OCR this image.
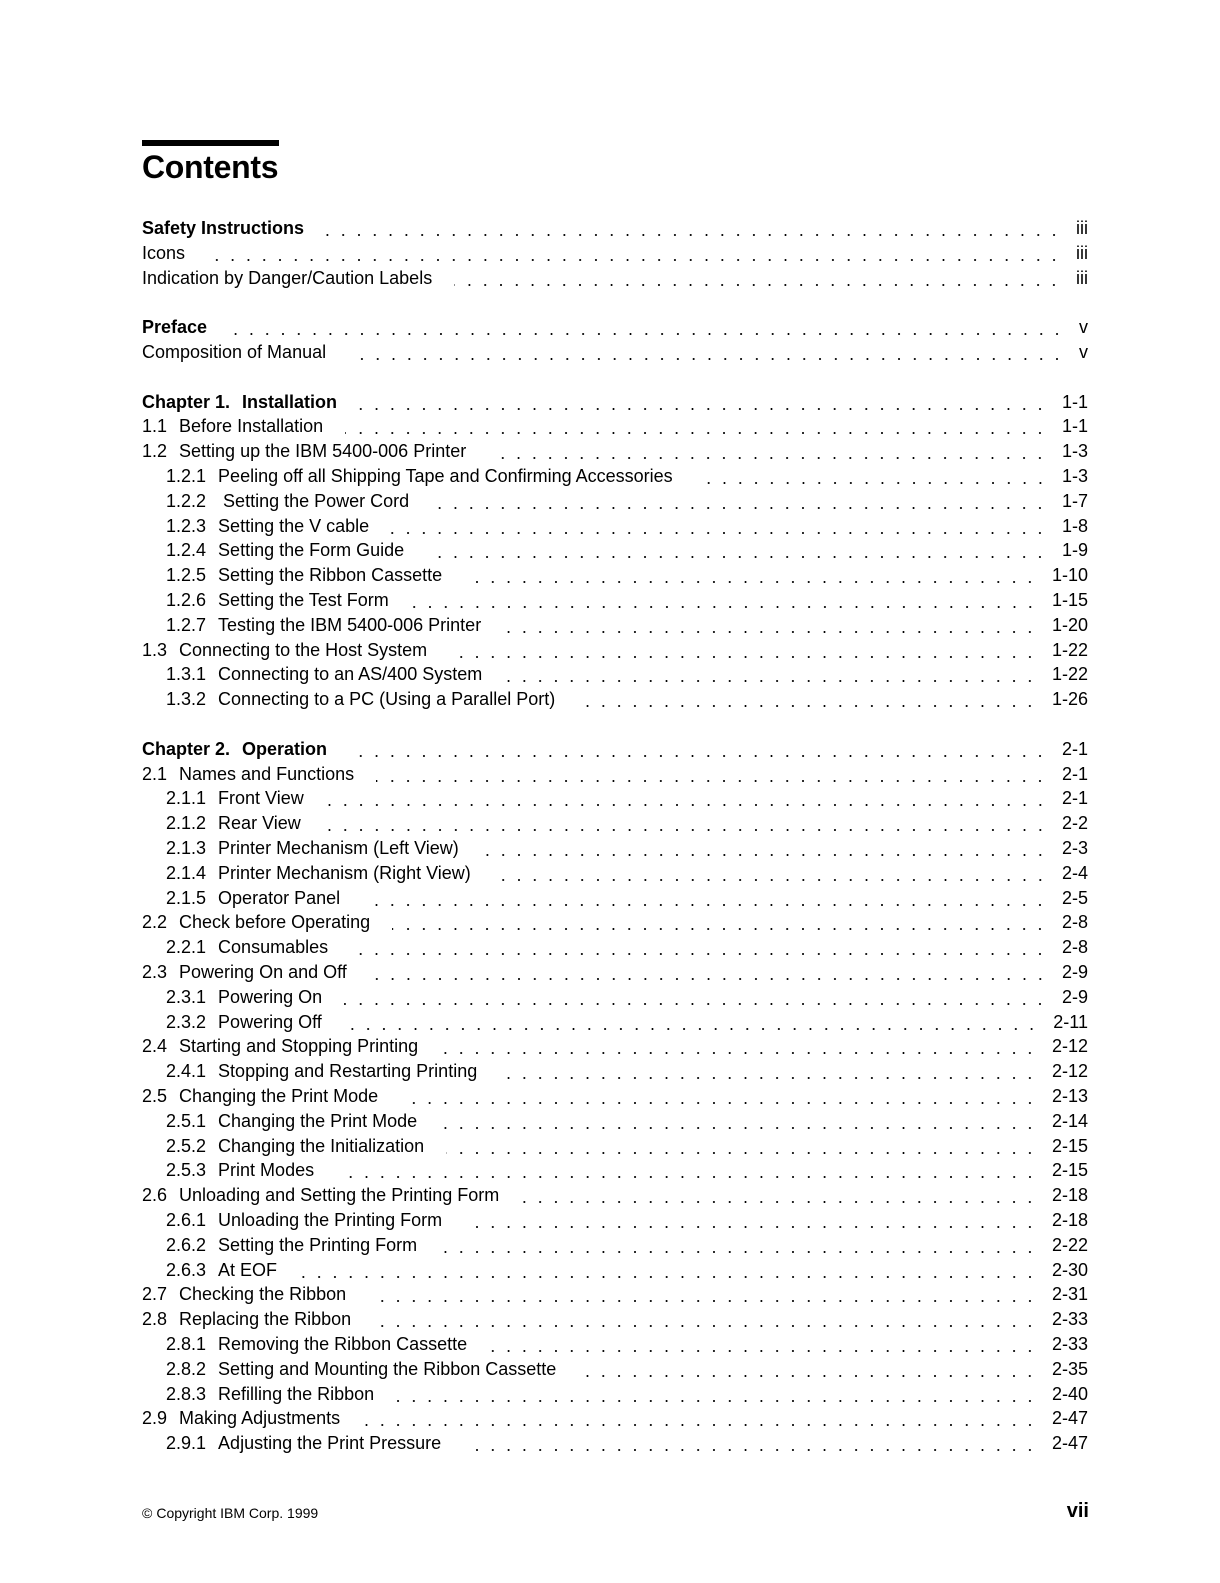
Contents
Safety Instructions	iii
Icons	iii
Indication by Danger/Caution Labels	iii
Preface	v
Composition of Manual	v
Chapter 1. Installation	1-1
1.1 Before Installation	1-1
1.2 Setting up the IBM 5400-006 Printer	1-3
1.2.1 Peeling off all Shipping Tape and Confirming Accessories	1-3
1.2.2 Setting the Power Cord	1-7
1.2.3 Setting the V cable	1-8
1.2.4 Setting the Form Guide	1-9
1.2.5 Setting the Ribbon Cassette	1-10
1.2.6 Setting the Test Form	1-15
1.2.7 Testing the IBM 5400-006 Printer	1-20
1.3 Connecting to the Host System	1-22
1.3.1 Connecting to an AS/400 System	1-22
1.3.2 Connecting to a PC (Using a Parallel Port)	1-26
Chapter 2. Operation	2-1
2.1 Names and Functions	2-1
2.1.1 Front View	2-1
2.1.2 Rear View	2-2
2.1.3 Printer Mechanism (Left View)	2-3
2.1.4 Printer Mechanism (Right View)	2-4
2.1.5 Operator Panel	2-5
2.2 Check before Operating	2-8
2.2.1 Consumables	2-8
2.3 Powering On and Off	2-9
2.3.1 Powering On	2-9
2.3.2 Powering Off	2-11
2.4 Starting and Stopping Printing	2-12
2.4.1 Stopping and Restarting Printing	2-12
2.5 Changing the Print Mode	2-13
2.5.1 Changing the Print Mode	2-14
2.5.2 Changing the Initialization	2-15
2.5.3 Print Modes	2-15
2.6 Unloading and Setting the Printing Form	2-18
2.6.1 Unloading the Printing Form	2-18
2.6.2 Setting the Printing Form	2-22
2.6.3 At EOF	2-30
2.7 Checking the Ribbon	2-31
2.8 Replacing the Ribbon	2-33
2.8.1 Removing the Ribbon Cassette	2-33
2.8.2 Setting and Mounting the Ribbon Cassette	2-35
2.8.3 Refilling the Ribbon	2-40
2.9 Making Adjustments	2-47
2.9.1 Adjusting the Print Pressure	2-47
© Copyright IBM Corp. 1999	vii
